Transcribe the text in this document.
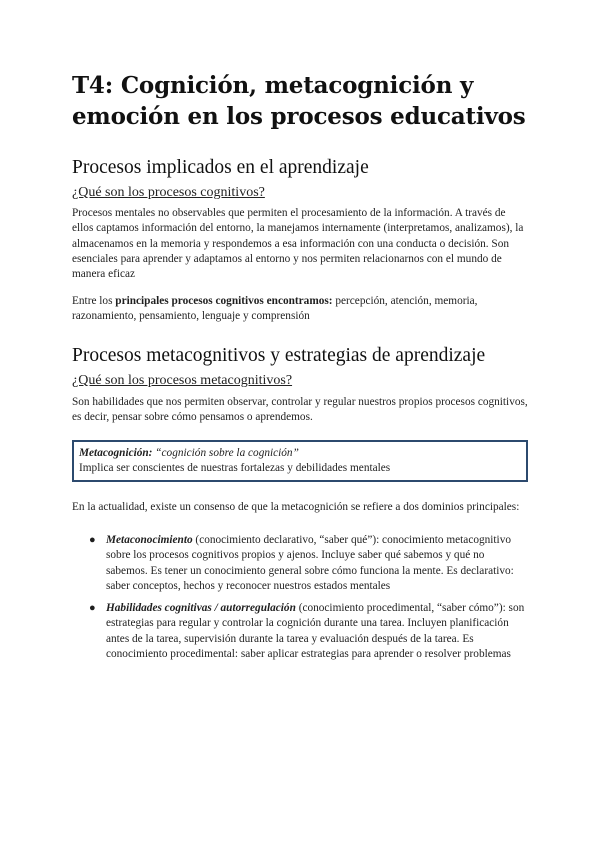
T4: Cognición, metacognición y emoción en los procesos educativos
Procesos implicados en el aprendizaje
¿Qué son los procesos cognitivos?

Procesos mentales no observables que permiten el procesamiento de la información. A través de ellos captamos información del entorno, la manejamos internamente (interpretamos, analizamos), la almacenamos en la memoria y respondemos a esa información con una conducta o decisión. Son esenciales para aprender y adaptamos al entorno y nos permiten relacionarnos con el mundo de manera eficaz

Entre los principales procesos cognitivos encontramos: percepción, atención, memoria, razonamiento, pensamiento, lenguaje y comprensión

Procesos metacognitivos y estrategias de aprendizaje
¿Qué son los procesos metacognitivos?

Son habilidades que nos permiten observar, controlar y regular nuestros propios procesos cognitivos, es decir, pensar sobre cómo pensamos o aprendemos.

Metacognición: “cognición sobre la cognición”
Implica ser conscientes de nuestras fortalezas y debilidades mentales

En la actualidad, existe un consenso de que la metacognición se refiere a dos dominios principales:

● Metaconocimiento (conocimiento declarativo, “saber qué”): conocimiento metacognitivo sobre los procesos cognitivos propios y ajenos. Incluye saber qué sabemos y qué no sabemos. Es tener un conocimiento general sobre cómo funciona la mente. Es declarativo: saber conceptos, hechos y reconocer nuestros estados mentales
● Habilidades cognitivas / autorregulación (conocimiento procedimental, “saber cómo”): son estrategias para regular y controlar la cognición durante una tarea. Incluyen planificación antes de la tarea, supervisión durante la tarea y evaluación después de la tarea. Es conocimiento procedimental: saber aplicar estrategias para aprender o resolver problemas
